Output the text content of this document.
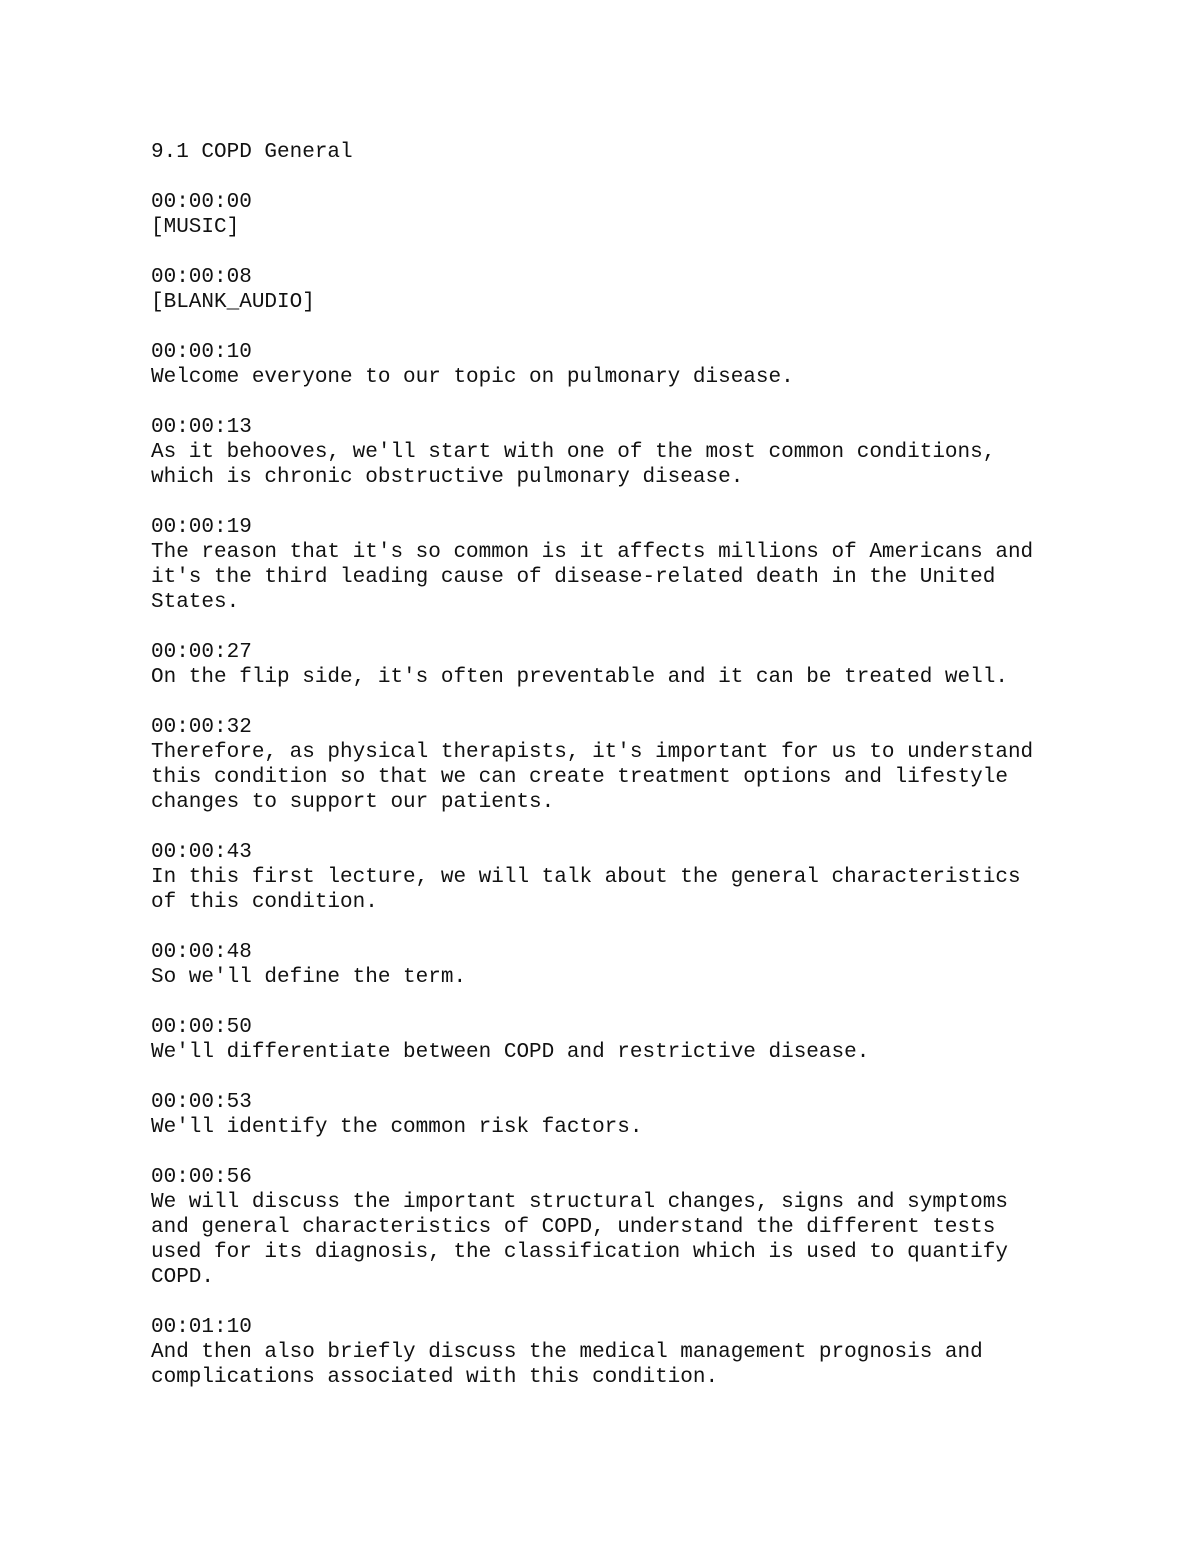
9.1 COPD General
00:00:00
[MUSIC]
00:00:08
[BLANK_AUDIO]
00:00:10
Welcome everyone to our topic on pulmonary disease.
00:00:13
As it behooves, we'll start with one of the most common conditions,
which is chronic obstructive pulmonary disease.
00:00:19
The reason that it's so common is it affects millions of Americans and
it's the third leading cause of disease-related death in the United
States.
00:00:27
On the flip side, it's often preventable and it can be treated well.
00:00:32
Therefore, as physical therapists, it's important for us to understand
this condition so that we can create treatment options and lifestyle
changes to support our patients.
00:00:43
In this first lecture, we will talk about the general characteristics
of this condition.
00:00:48
So we'll define the term.
00:00:50
We'll differentiate between COPD and restrictive disease.
00:00:53
We'll identify the common risk factors.
00:00:56
We will discuss the important structural changes, signs and symptoms
and general characteristics of COPD, understand the different tests
used for its diagnosis, the classification which is used to quantify
COPD.
00:01:10
And then also briefly discuss the medical management prognosis and
complications associated with this condition.
